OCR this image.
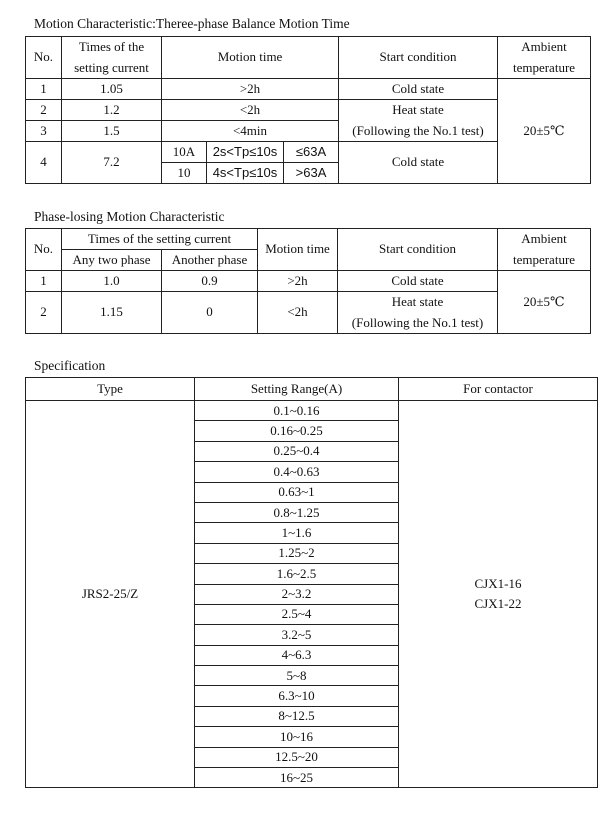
Motion Characteristic:Theree-phase Balance Motion Time
No.	Times of the
setting current	Motion time			Start condition	Ambient
temperature
1	1.05	>2h			Cold state	20±5℃
2	1.2	<2h			Heat state
(Following the No.1 test)	
3	1.5	<4min				
4	7.2	10A	2s<Tp≤10s	≤63A	Cold state	
		10	4s<Tp≤10s	>63A		
Phase-losing Motion Characteristic
No.	Times of the setting current		Motion time	Start condition	Ambient
temperature
	Any two phase	Another phase			
1	1.0	0.9	>2h	Cold state	20±5℃
2	1.15	0	<2h	Heat state
(Following the No.1 test)	
Specification
Type	Setting Range(A)	For contactor
JRS2-25/Z	0.1~0.16	CJX1-16
CJX1-22
	0.16~0.25	
	0.25~0.4	
	0.4~0.63	
	0.63~1	
	0.8~1.25	
	1~1.6	
	1.25~2	
	1.6~2.5	
	2~3.2	
	2.5~4	
	3.2~5	
	4~6.3	
	5~8	
	6.3~10	
	8~12.5	
	10~16	
	12.5~20	
	16~25	
